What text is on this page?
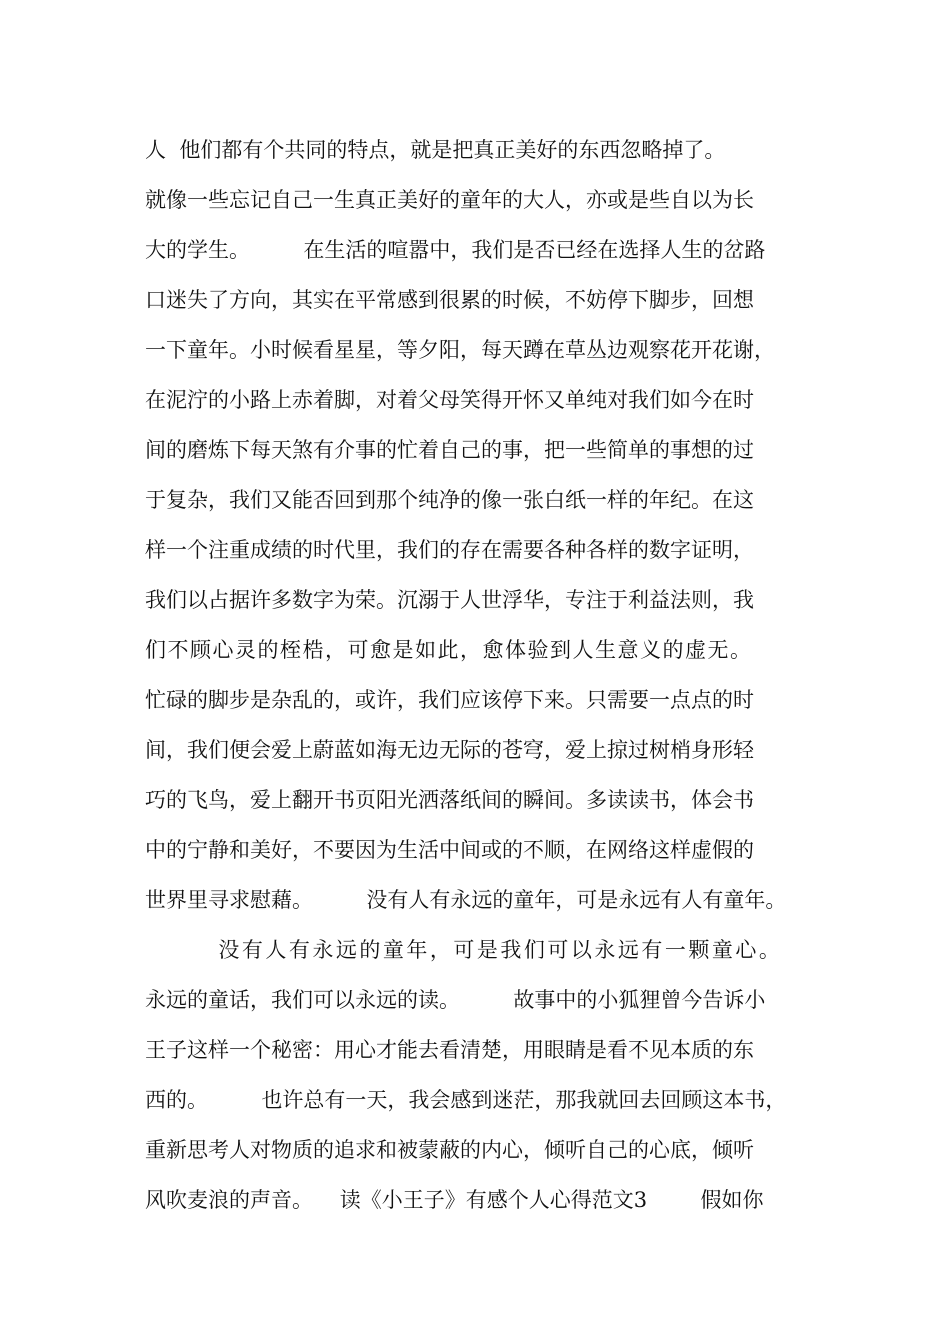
人  他们都有个共同的特点，就是把真正美好的东西忽略掉了。

就像一些忘记自己一生真正美好的童年的大人，亦或是些自以为长

大的学生。        在生活的喧嚣中，我们是否已经在选择人生的岔路

口迷失了方向，其实在平常感到很累的时候，不妨停下脚步，回想

一下童年。小时候看星星，等夕阳，每天蹲在草丛边观察花开花谢，

在泥泞的小路上赤着脚，对着父母笑得开怀又单纯对我们如今在时

间的磨炼下每天煞有介事的忙着自己的事，把一些简单的事想的过

于复杂，我们又能否回到那个纯净的像一张白纸一样的年纪。在这

样一个注重成绩的时代里，我们的存在需要各种各样的数字证明，

我们以占据许多数字为荣。沉溺于人世浮华，专注于利益法则，我

们不顾心灵的桎梏，可愈是如此，愈体验到人生意义的虚无。

忙碌的脚步是杂乱的，或许，我们应该停下来。只需要一点点的时

间，我们便会爱上蔚蓝如海无边无际的苍穹，爱上掠过树梢身形轻

巧的飞鸟，爱上翻开书页阳光洒落纸间的瞬间。多读读书，体会书

中的宁静和美好，不要因为生活中间或的不顺，在网络这样虚假的

世界里寻求慰藉。        没有人有永远的童年，可是永远有人有童年。

没有人有永远的童年，可是我们可以永远有一颗童心。

永远的童话，我们可以永远的读。        故事中的小狐狸曾今告诉小

王子这样一个秘密：用心才能去看清楚，用眼睛是看不见本质的东

西的。        也许总有一天，我会感到迷茫，那我就回去回顾这本书，

重新思考人对物质的追求和被蒙蔽的内心，倾听自己的心底，倾听

风吹麦浪的声音。    读《小王子》有感个人心得范文3        假如你
